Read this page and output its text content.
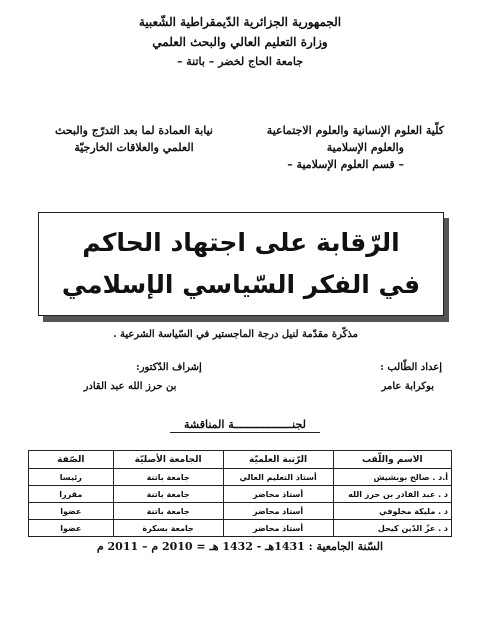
الجمهورية الجزائرية الدّيمقراطية الشّعبية
وزارة التعليم العالي والبحث العلمي
جامعة الحاج لخضر – باتنة –
كلّية العلوم الإنسانية والعلوم الاجتماعية
والعلوم الإسلامية
– قسم العلوم الإسلامية –
نيابة العمادة لما بعد التدرّج والبحث
العلمي والعلاقات الخارجيّة
الرّقابة على اجتهاد الحاكم
في الفكر السّياسي الإسلامي
مذكّرة مقدّمة لنيل درجة الماجستير في السّياسة الشرعية .
إعداد الطّالب :
بوكرابة عامر
إشراف الدّكتور:
بن حرز الله عبد القادر
لجنــــــــــــــــــة المناقشة
الاسم واللّقب	الرّتبة العلميّة	الجامعة الأصليّة	الصّفة
أ.د . صالح بوبشيش	أستاذ التعليم العالي	جامعة باتنة	رئيسا
د . عبد القادر بن حرز الله	أستاذ محاضر	جامعة باتنة	مقررا
د . مليكة مخلوفي	أستاذ محاضر	جامعة باتنة	عضوا
د . عزّ الدّين كيحل	أستاذ محاضر	جامعة بسكرة	عضوا
السّنة الجامعية : 1431هـ - 1432 هـ = 2010 م – 2011 م
